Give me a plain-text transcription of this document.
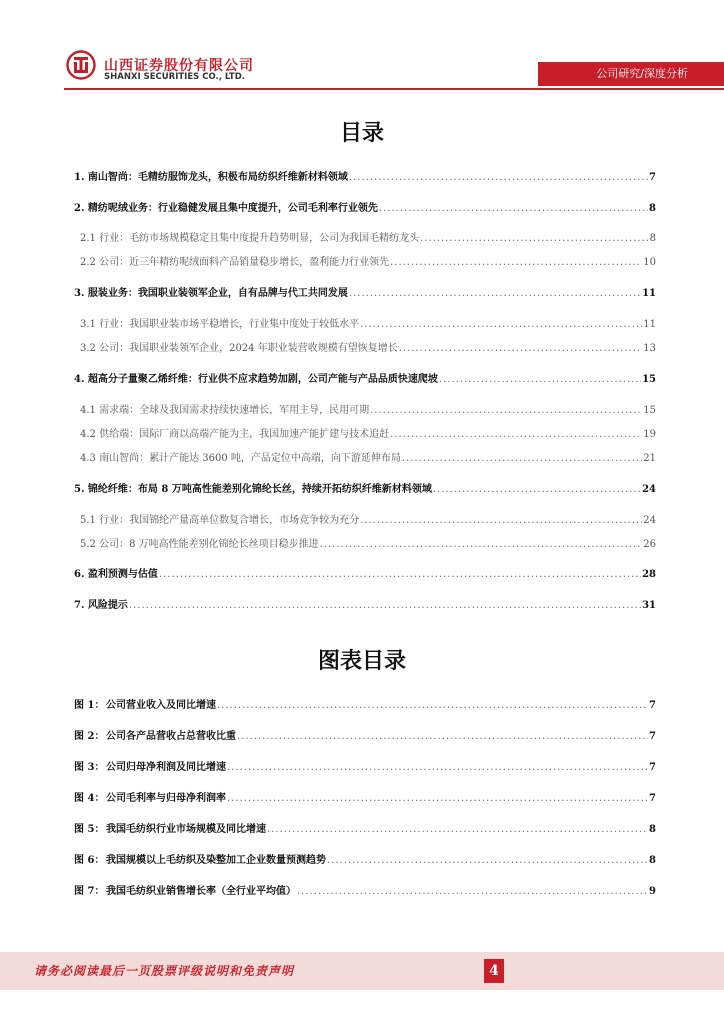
山西证券股份有限公司
SHANXI SECURITIES CO., LTD.	公司研究/深度分析
目录
1. 南山智尚：毛精纺服饰龙头，积极布局纺织纤维新材料领域 .....	7
2. 精纺呢绒业务：行业稳健发展且集中度提升，公司毛利率行业领先 .....	8
2.1 行业：毛纺市场规模稳定且集中度提升趋势明显，公司为我国毛精纺龙头 .....	8
2.2 公司：近三年精纺呢绒面料产品销量稳步增长，盈利能力行业领先 .....	10
3. 服装业务：我国职业装领军企业，自有品牌与代工共同发展 .....	11
3.1 行业：我国职业装市场平稳增长，行业集中度处于较低水平 .....	11
3.2 公司：我国职业装领军企业，2024 年职业装营收规模有望恢复增长 .....	13
4. 超高分子量聚乙烯纤维：行业供不应求趋势加剧，公司产能与产品品质快速爬坡 .....	15
4.1 需求端：全球及我国需求持续快速增长，军用主导，民用可期 .....	15
4.2 供给端：国际厂商以高端产能为主，我国加速产能扩建与技术追赶 .....	19
4.3 南山智尚：累计产能达 3600 吨，产品定位中高端，向下游延伸布局 .....	21
5. 锦纶纤维：布局 8 万吨高性能差别化锦纶长丝，持续开拓纺织纤维新材料领域 .....	24
5.1 行业：我国锦纶产量高单位数复合增长，市场竞争较为充分 .....	24
5.2 公司：8 万吨高性能差别化锦纶长丝项目稳步推进 .....	26
6. 盈利预测与估值 .....	28
7. 风险提示 .....	31
图表目录
图 1： 公司营业收入及同比增速 .....	7
图 2： 公司各产品营收占总营收比重 .....	7
图 3： 公司归母净利润及同比增速 .....	7
图 4： 公司毛利率与归母净利润率 .....	7
图 5： 我国毛纺织行业市场规模及同比增速 .....	8
图 6： 我国规模以上毛纺织及染整加工企业数量预测趋势 .....	8
图 7： 我国毛纺织业销售增长率（全行业平均值） .....	9
请务必阅读最后一页股票评级说明和免责声明	4
